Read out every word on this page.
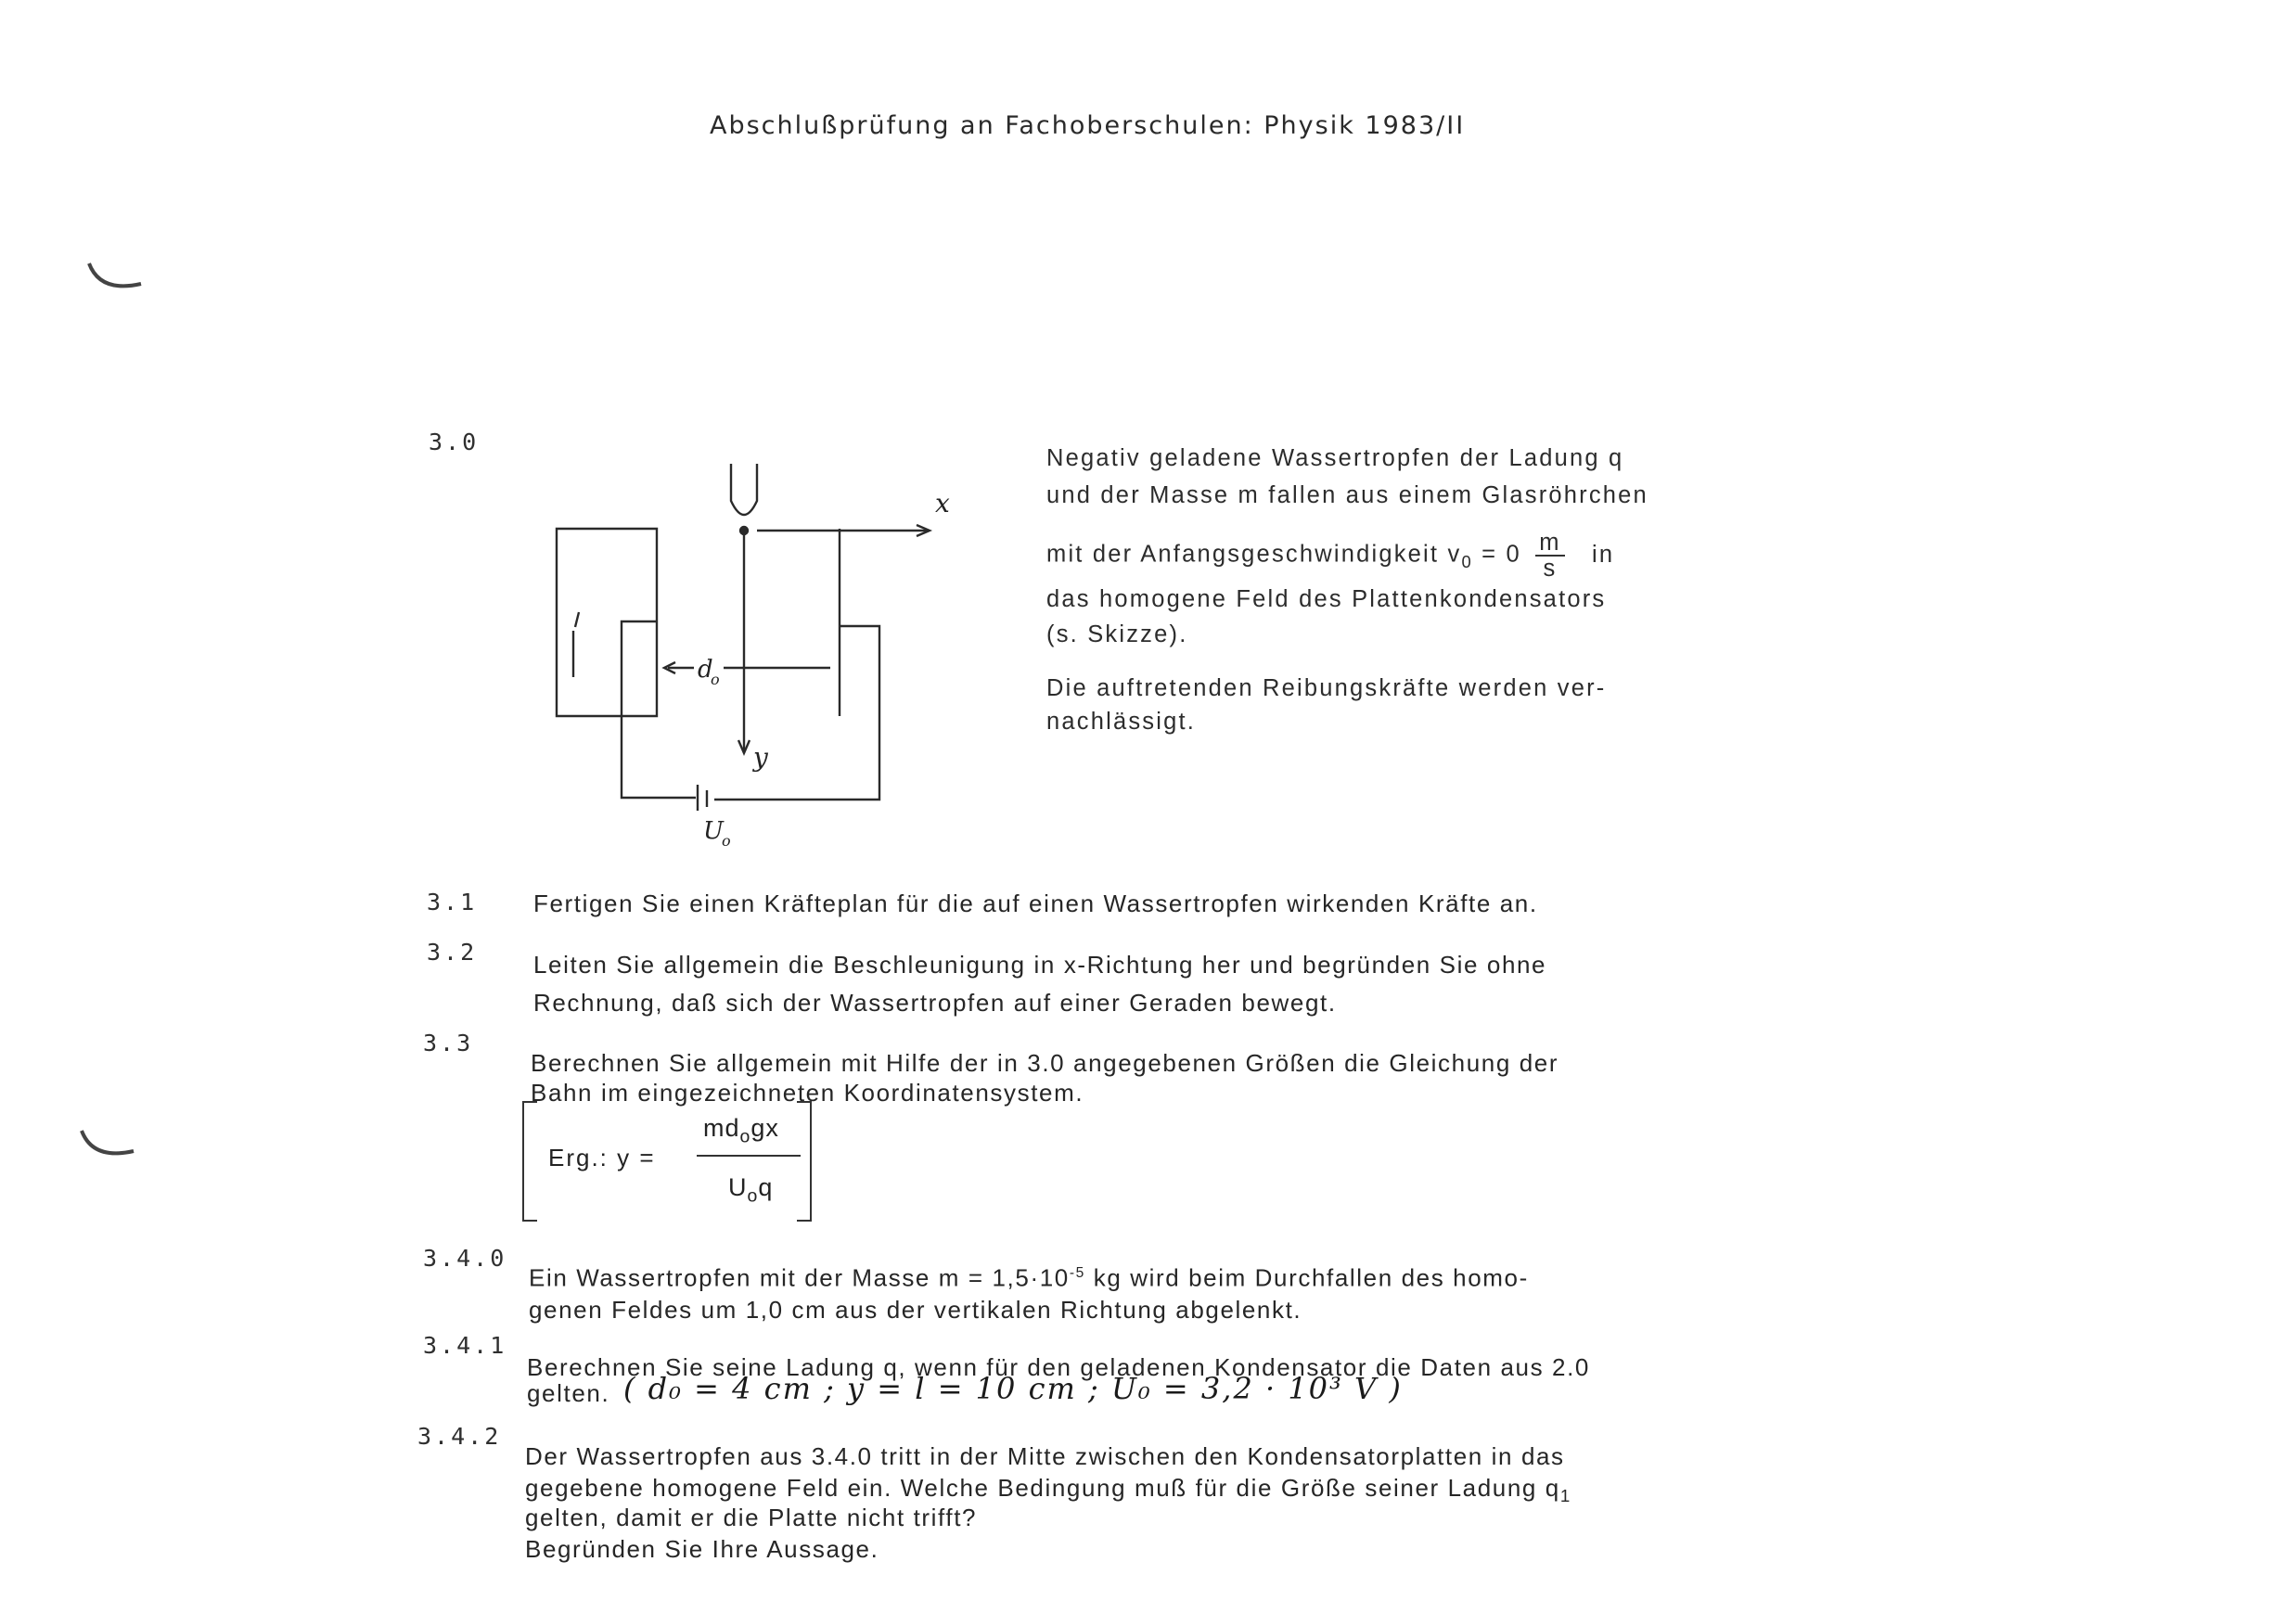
Abschlußprüfung an Fachoberschulen: Physik 1983/II
3.0
x
y
d
o
U
o
Negativ geladene Wassertropfen der Ladung q
und der Masse m fallen aus einem Glasröhrchen
mit der Anfangsgeschwindigkeit $v_0 = 0 \frac{m}{s}$ in
das homogene Feld des Plattenkondensators
(s. Skizze).
Die auftretenden Reibungskräfte werden ver-
nachlässigt.
3.1 Fertigen Sie einen Kräfteplan für die auf einen Wassertropfen wirkenden Kräfte an.
3.2 Leiten Sie allgemein die Beschleunigung in x-Richtung her und begründen Sie ohne
Rechnung, daß sich der Wassertropfen auf einer Geraden bewegt.
3.3
Berechnen Sie allgemein mit Hilfe der in 3.0 angegebenen Größen die Gleichung der
Bahn im eingezeichneten Koordinatensystem.
Erg.: y =
$md_ogx$
$U_oq$
3.4.0
Ein Wassertropfen mit der Masse $m = 1,5\cdot 10^{-5}$ kg wird beim Durchfallen des homo-
genen Feldes um 1,0 cm aus der vertikalen Richtung abgelenkt.
3.4.1
Berechnen Sie seine Ladung q, wenn für den geladenen Kondensator die Daten aus 2.0
gelten. ( d₀ = 4 cm ; y = l = 10 cm ; U₀ = 3,2 · 10³ V )
3.4.2
Der Wassertropfen aus 3.4.0 tritt in der Mitte zwischen den Kondensatorplatten in das
gegebene homogene Feld ein. Welche Bedingung muß für die Größe seiner Ladung $q_1$
gelten, damit er die Platte nicht trifft?
Begründen Sie Ihre Aussage.
